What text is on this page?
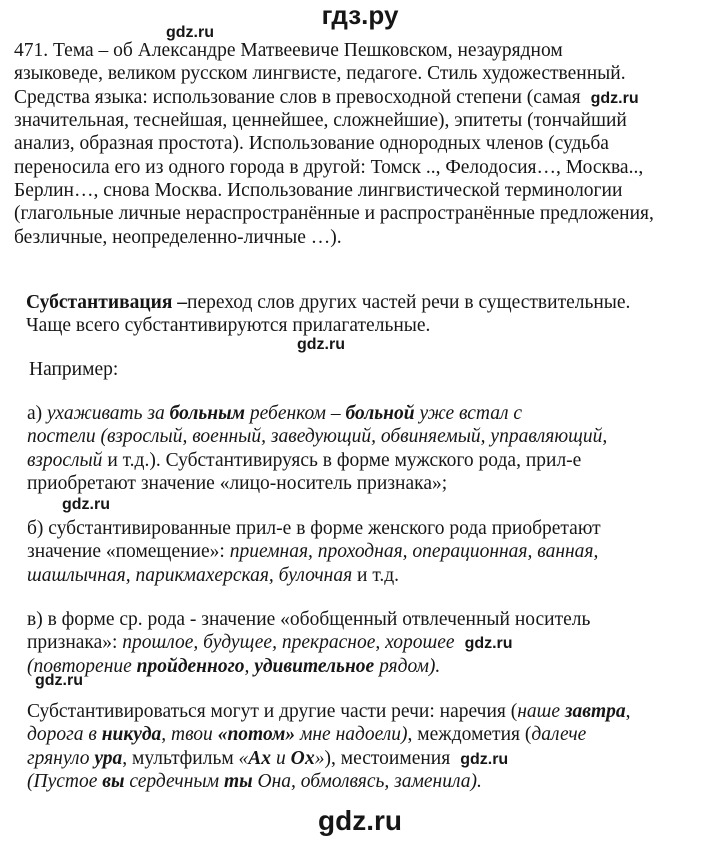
гдз.ру
gdz.ru
471. Тема – об Александре Матвеевиче Пешковском, незаурядном
языковеде, великом русском лингвисте, педагоге. Стиль художественный.
Средства языка: использование слов в превосходной степени (самая gdz.ru
значительная, теснейшая, ценнейшее, сложнейшие), эпитеты (тончайший
анализ, образная простота). Использование однородных членов (судьба
переносила его из одного города в другой: Томск .., Фелодосия…, Москва..,
Берлин…, снова Москва. Использование лингвистической терминологии
(глагольные личные нераспространённые и распространённые предложения,
безличные, неопределенно-личные …).
Субстантивация –переход слов других частей речи в существительные.
Чаще всего субстантивируются прилагательные.
gdz.ru
Например:
а) ухаживать за больным ребенком – больной уже встал с
постели (взрослый, военный, заведующий, обвиняемый, управляющий,
взрослый и т.д.). Субстантивируясь в форме мужского рода, прил-е
приобретают значение «лицо-носитель признака»;
gdz.ru
б) субстантивированные прил-е в форме женского рода приобретают
значение «помещение»: приемная, проходная, операционная, ванная,
шашлычная, парикмахерская, булочная и т.д.
в) в форме ср. рода - значение «обобщенный отвлеченный носитель
признака»: прошлое, будущее, прекрасное, хорошее gdz.ru
(повторение пройденного, удивительное рядом).
gdz.ru
Субстантивироваться могут и другие части речи: наречия (наше завтра,
дорога в никуда, твои «потом» мне надоели), междометия (далече
грянуло ура, мультфильм «Ах и Ох»), местоимения gdz.ru
(Пустое вы сердечным ты Она, обмолвясь, заменила).
gdz.ru
